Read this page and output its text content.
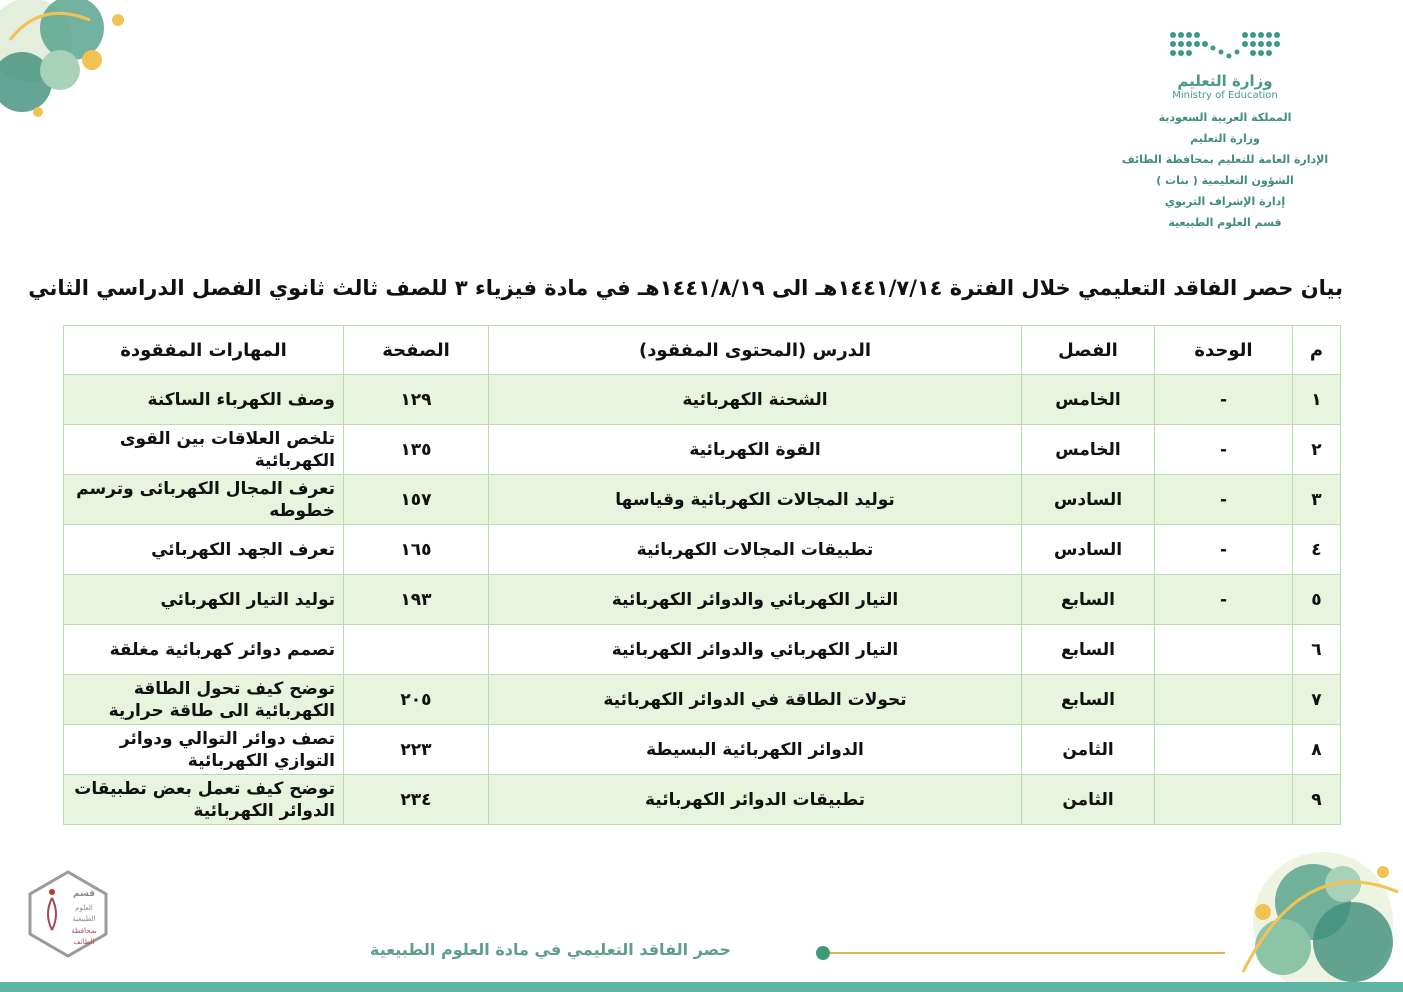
وزارة التعليم
Ministry of Education
المملكة العربية السعودية
وزارة التعليم
الإدارة العامة للتعليم بمحافظة الطائف
الشؤون التعليمية ( بنات )
إدارة الإشراف التربوي
قسم العلوم الطبيعية
بيان حصر الفاقد التعليمي خلال الفترة ١٤٤١/٧/١٤هـ الى ١٤٤١/٨/١٩هـ في مادة فيزياء ٣ للصف ثالث ثانوي الفصل الدراسي الثاني
م	الوحدة	الفصل	الدرس (المحتوى المفقود)	الصفحة	المهارات المفقودة
١	-	الخامس	الشحنة الكهربائية	١٢٩	وصف الكهرباء الساكنة
٢	-	الخامس	القوة الكهربائية	١٣٥	تلخص العلاقات بين القوى الكهربائية
٣	-	السادس	توليد المجالات الكهربائية وقياسها	١٥٧	تعرف المجال الكهربائى وترسم خطوطه
٤	-	السادس	تطبيقات المجالات الكهربائية	١٦٥	تعرف الجهد الكهربائي
٥	-	السابع	التيار الكهربائي والدوائر الكهربائية	١٩٣	توليد التيار الكهربائي
٦		السابع	التيار الكهربائي والدوائر الكهربائية		تصمم دوائر كهربائية مغلقة
٧		السابع	تحولات الطاقة في الدوائر الكهربائية	٢٠٥	توضح كيف تحول الطاقة الكهربائية الى طاقة حرارية
٨		الثامن	الدوائر الكهربائية البسيطة	٢٢٣	تصف دوائر التوالي ودوائر التوازي الكهربائية
٩		الثامن	تطبيقات الدوائر الكهربائية	٢٣٤	توضح كيف تعمل بعض تطبيقات الدوائر الكهربائية
قسم
العلوم
الطبيعية
بمحافظة
الطائف	حصر الفاقد التعليمي في مادة العلوم الطبيعية
